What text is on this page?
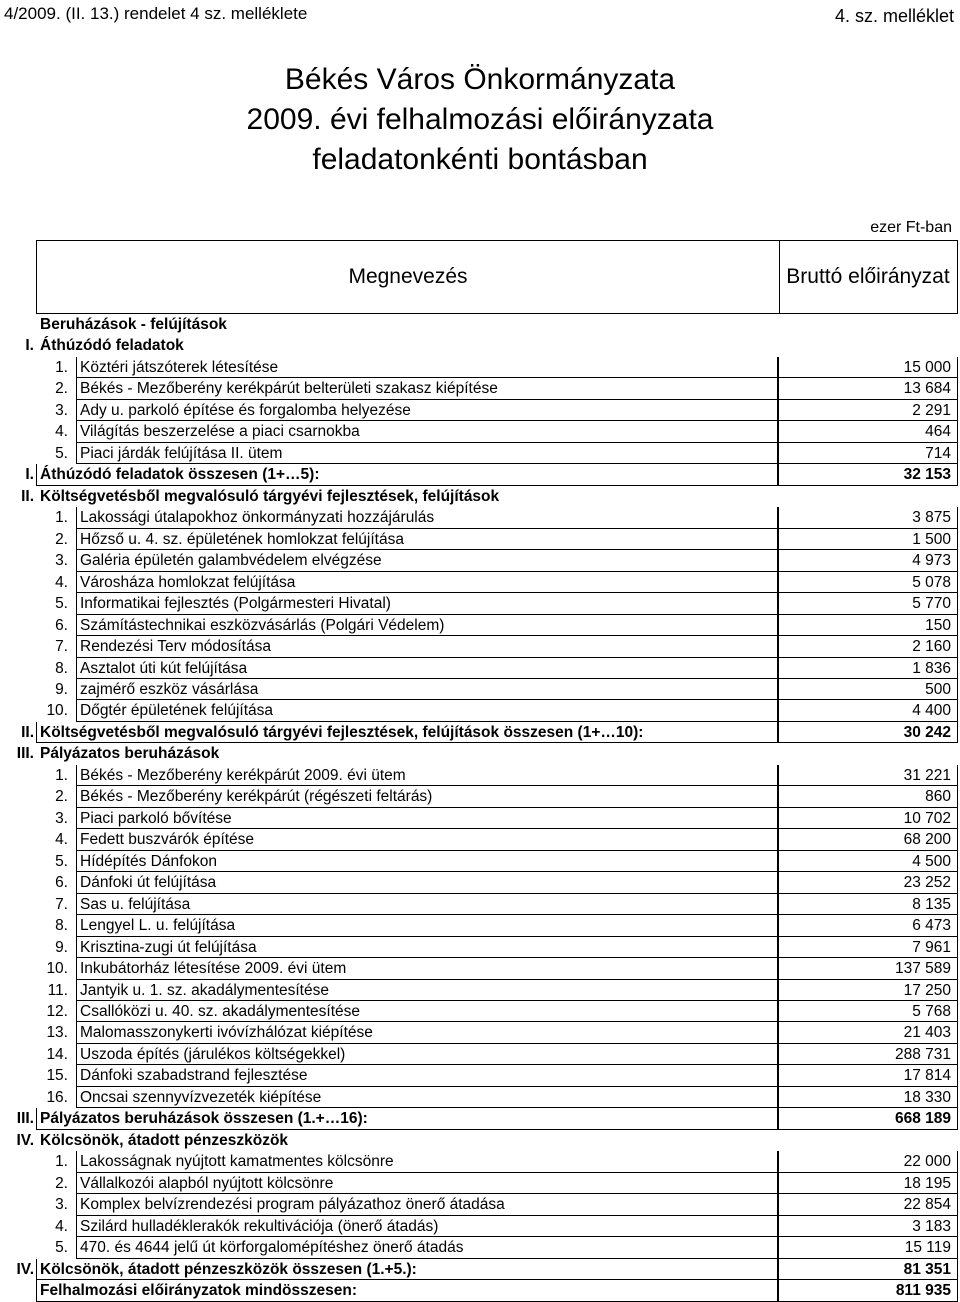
4/2009. (II. 13.) rendelet 4 sz. melléklete	4. sz. melléklet
Békés Város Önkormányzata
2009. évi felhalmozási előirányzata
feladatonkénti bontásban
ezer Ft-ban
Megnevezés	Bruttó előirányzat
Beruházások - felújítások
I. Áthúzódó feladatok
1. Köztéri játszóterek létesítése	15 000
2. Békés - Mezőberény kerékpárút belterületi szakasz kiépítése	13 684
3. Ady u. parkoló építése és forgalomba helyezése	2 291
4. Világítás beszerzelése a piaci csarnokba	464
5. Piaci járdák felújítása II. ütem	714
I. Áthúzódó feladatok összesen (1+…5):	32 153
II. Költségvetésből megvalósuló tárgyévi fejlesztések, felújítások
1. Lakossági útalapokhoz önkormányzati hozzájárulás	3 875
2. Hőzső u. 4. sz. épületének homlokzat felújítása	1 500
3. Galéria épületén galambvédelem elvégzése	4 973
4. Városháza homlokzat felújítása	5 078
5. Informatikai fejlesztés (Polgármesteri Hivatal)	5 770
6. Számítástechnikai eszközvásárlás (Polgári Védelem)	150
7. Rendezési Terv módosítása	2 160
8. Asztalot úti kút felújítása	1 836
9. zajmérő eszköz vásárlása	500
10. Dőgtér épületének felújítása	4 400
II. Költségvetésből megvalósuló tárgyévi fejlesztések, felújítások összesen (1+…10):	30 242
III. Pályázatos beruházások
1. Békés - Mezőberény kerékpárút 2009. évi ütem	31 221
2. Békés - Mezőberény kerékpárút (régészeti feltárás)	860
3. Piaci parkoló bővítése	10 702
4. Fedett buszvárók építése	68 200
5. Hídépítés Dánfokon	4 500
6. Dánfoki út felújítása	23 252
7. Sas u. felújítása	8 135
8. Lengyel L. u. felújítása	6 473
9. Krisztina-zugi út felújítása	7 961
10. Inkubátorház létesítése 2009. évi ütem	137 589
11. Jantyik u. 1. sz. akadálymentesítése	17 250
12. Csallóközi u. 40. sz. akadálymentesítése	5 768
13. Malomasszonykerti ivóvízhálózat kiépítése	21 403
14. Uszoda építés (járulékos költségekkel)	288 731
15. Dánfoki szabadstrand fejlesztése	17 814
16. Oncsai szennyvízvezeték kiépítése	18 330
III. Pályázatos beruházások összesen (1.+…16):	668 189
IV. Kölcsönök, átadott pénzeszközök
1. Lakosságnak nyújtott kamatmentes kölcsönre	22 000
2. Vállalkozói alapból nyújtott kölcsönre	18 195
3. Komplex belvízrendezési program pályázathoz önerő átadása	22 854
4. Szilárd hulladéklerakók rekultivációja (önerő átadás)	3 183
5. 470. és 4644 jelű út körforgalomépítéshez önerő átadás	15 119
IV. Kölcsönök, átadott pénzeszközök összesen (1.+5.):	81 351
Felhalmozási előirányzatok mindösszesen:	811 935
